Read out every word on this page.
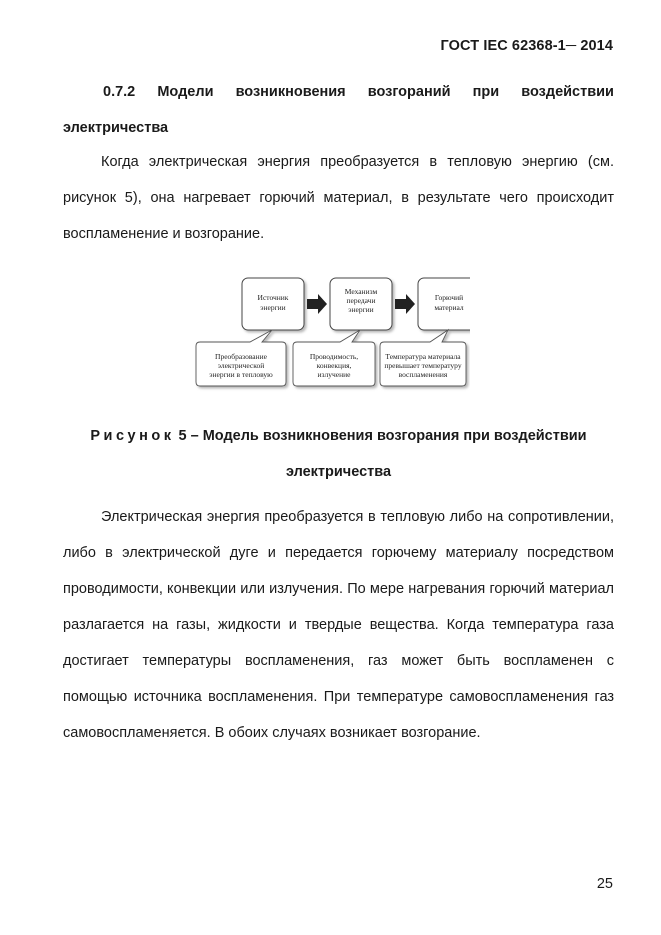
ГОСТ IEC 62368-1─ 2014
0.7.2 Модели возникновения возгораний при воздействии
электричества
Когда электрическая энергия преобразуется в тепловую энергию (см. рисунок 5), она нагревает горючий материал, в результате чего происходит воспламенение и возгорание.
Источник
энергии
Механизм
передачи
энергии
Горючий
материал
Преобразование
электрической
энергии в тепловую
Проводимость,
конвекция,
излучение
Температура материала
превышает температуру
воспламенения
Рисунок 5 – Модель возникновения возгорания при воздействии
электричества
Электрическая энергия преобразуется в тепловую либо на сопротивлении, либо в электрической дуге и передается горючему материалу посредством проводимости, конвекции или излучения. По мере нагревания горючий материал разлагается на газы, жидкости и твердые вещества. Когда температура газа достигает температуры воспламенения, газ может быть воспламенен с помощью источника воспламенения. При температуре самовоспламенения газ самовоспламеняется. В обоих случаях возникает возгорание.
25
